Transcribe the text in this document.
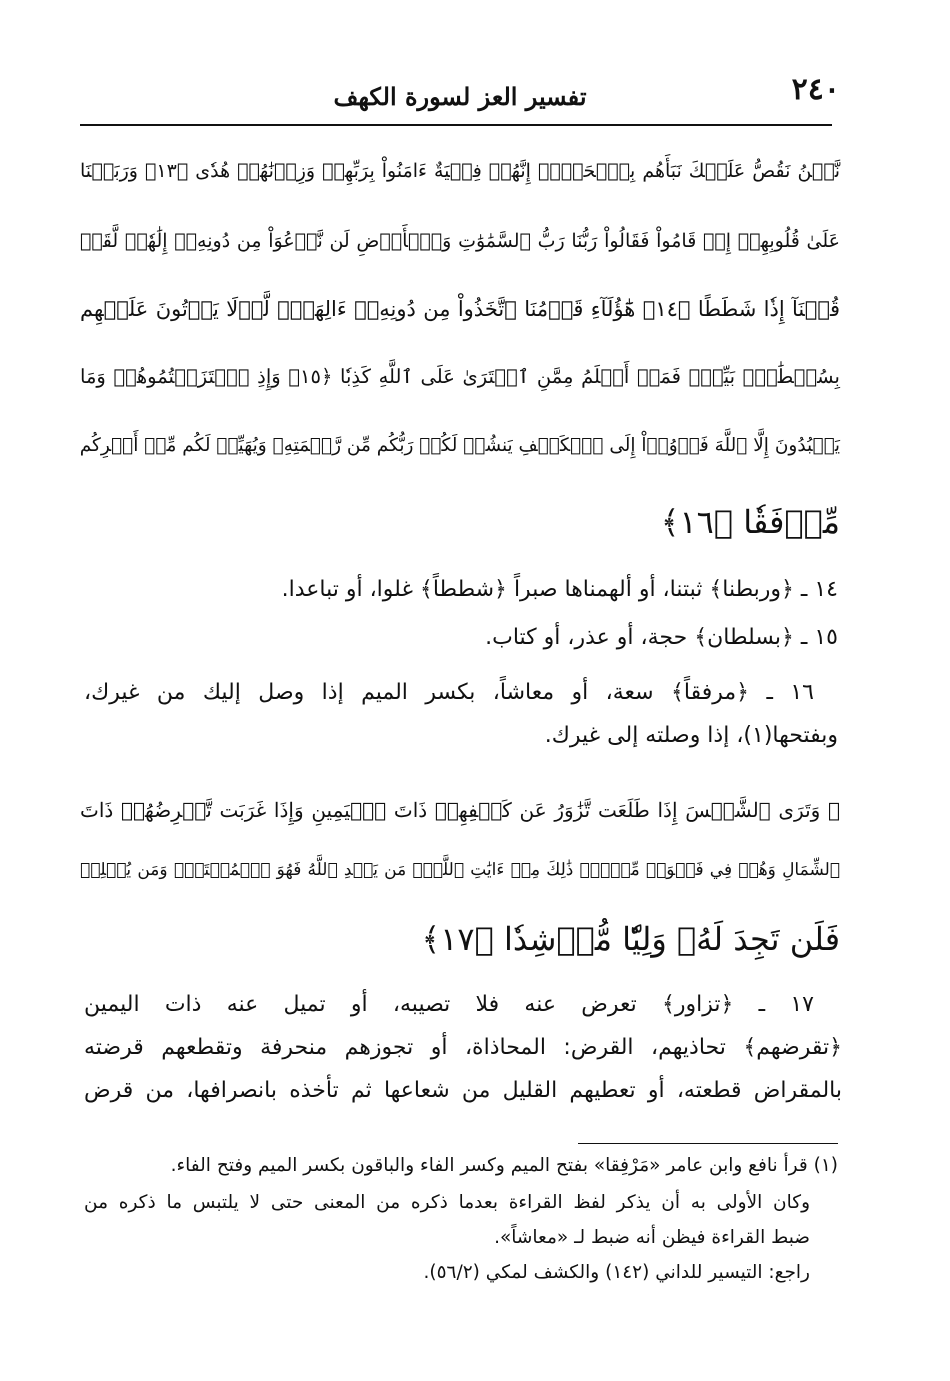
٢٤٠
تفسير العز لسورة الكهف
نَّحۡنُ نَقُصُّ عَلَيۡكَ نَبَأَهُم بِٱلۡحَقِّۚ إِنَّهُمۡ فِتۡيَةٌ ءَامَنُواْ بِرَبِّهِمۡ وَزِدۡنَٰهُمۡ هُدٗى ﴿١٣﴾ وَرَبَطۡنَا
عَلَىٰ قُلُوبِهِمۡ إِذۡ قَامُواْ فَقَالُواْ رَبُّنَا رَبُّ ٱلسَّمَٰوَٰتِ وَٱلۡأَرۡضِ لَن نَّدۡعُوَاْ مِن دُونِهِۦٓ إِلَٰهٗاۖ لَّقَدۡ
قُلۡنَآ إِذٗا شَطَطًا ﴿١٤﴾ هَٰٓؤُلَآءِ قَوۡمُنَا ٱتَّخَذُواْ مِن دُونِهِۦٓ ءَالِهَةٗۖ لَّوۡلَا يَأۡتُونَ عَلَيۡهِم
بِسُلۡطَٰنِۭ بَيِّنٖۖ فَمَنۡ أَظۡلَمُ مِمَّنِ ٱفۡتَرَىٰ عَلَى ٱللَّهِ كَذِبٗا ﴿١٥﴾ وَإِذِ ٱعۡتَزَلۡتُمُوهُمۡ وَمَا
يَعۡبُدُونَ إِلَّا ٱللَّهَ فَأۡوُۥٓاْ إِلَى ٱلۡكَهۡفِ يَنشُرۡ لَكُمۡ رَبُّكُم مِّن رَّحۡمَتِهِۦ وَيُهَيِّئۡ لَكُم مِّنۡ أَمۡرِكُم
مِّرۡفَقٗا ﴿١٦﴾
١٤ ـ ﴿وربطنا﴾ ثبتنا، أو ألهمناها صبراً ﴿شططاً﴾ غلوا، أو تباعدا.
١٥ ـ ﴿بسلطان﴾ حجة، أو عذر، أو كتاب.
١٦ ـ ﴿مرفقاً﴾ سعة، أو معاشاً، بكسر الميم إذا وصل إليك من غيرك،
وبفتحها(١)، إذا وصلته إلى غيرك.
۞ وَتَرَى ٱلشَّمۡسَ إِذَا طَلَعَت تَّزَٰوَرُ عَن كَهۡفِهِمۡ ذَاتَ ٱلۡيَمِينِ وَإِذَا غَرَبَت تَّقۡرِضُهُمۡ ذَاتَ
ٱلشِّمَالِ وَهُمۡ فِي فَجۡوَةٖ مِّنۡهُۚ ذَٰلِكَ مِنۡ ءَايَٰتِ ٱللَّهِۗ مَن يَهۡدِ ٱللَّهُ فَهُوَ ٱلۡمُهۡتَدِۖ وَمَن يُضۡلِلۡ
فَلَن تَجِدَ لَهُۥ وَلِيّٗا مُّرۡشِدٗا ﴿١٧﴾
١٧ ـ ﴿تزاور﴾ تعرض عنه فلا تصيبه، أو تميل عنه ذات اليمين
﴿تقرضهم﴾ تحاذيهم، القرض: المحاذاة، أو تجوزهم منحرفة وتقطعهم قرضته
بالمقراض قطعته، أو تعطيهم القليل من شعاعها ثم تأخذه بانصرافها، من قرض
(١) قرأ نافع وابن عامر «مَرْفِقا» بفتح الميم وكسر الفاء والباقون بكسر الميم وفتح الفاء.
وكان الأولى به أن يذكر لفظ القراءة بعدما ذكره من المعنى حتى لا يلتبس ما ذكره من
ضبط القراءة فيظن أنه ضبط لـ «معاشاً».
راجع: التيسير للداني (١٤٢) والكشف لمكي (٥٦/٢).
